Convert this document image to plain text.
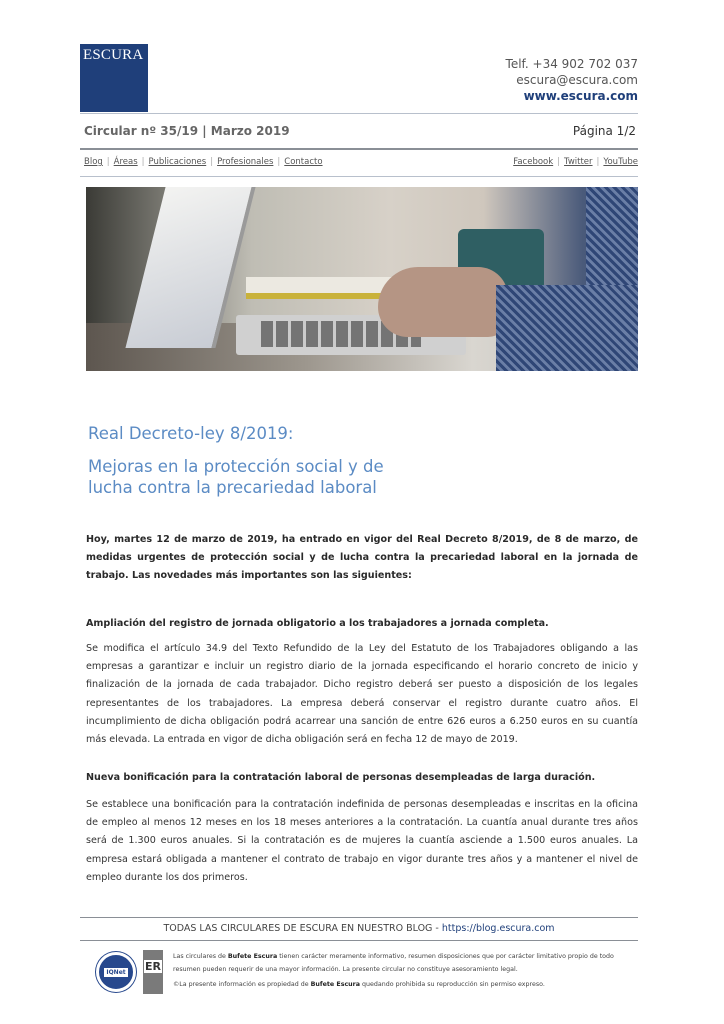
ESCURA
Telf. +34 902 702 037
escura@escura.com
www.escura.com
Circular nº 35/19 | Marzo 2019	Página 1/2
Blog | Áreas | Publicaciones | Profesionales | Contacto	Facebook | Twitter | YouTube
Real Decreto-ley 8/2019:
Mejoras en la protección social y de lucha contra la precariedad laboral
Hoy, martes 12 de marzo de 2019, ha entrado en vigor del Real Decreto 8/2019, de 8 de marzo, de medidas urgentes de protección social y de lucha contra la precariedad laboral en la jornada de trabajo. Las novedades más importantes son las siguientes:
Ampliación del registro de jornada obligatorio a los trabajadores a jornada completa.
Se modifica el artículo 34.9 del Texto Refundido de la Ley del Estatuto de los Trabajadores obligando a las empresas a garantizar e incluir un registro diario de la jornada especificando el horario concreto de inicio y finalización de la jornada de cada trabajador. Dicho registro deberá ser puesto a disposición de los legales representantes de los trabajadores. La empresa deberá conservar el registro durante cuatro años. El incumplimiento de dicha obligación podrá acarrear una sanción de entre 626 euros a 6.250 euros en su cuantía más elevada. La entrada en vigor de dicha obligación será en fecha 12 de mayo de 2019.
Nueva bonificación para la contratación laboral de personas desempleadas de larga duración.
Se establece una bonificación para la contratación indefinida de personas desempleadas e inscritas en la oficina de empleo al menos 12 meses en los 18 meses anteriores a la contratación. La cuantía anual durante tres años será de 1.300 euros anuales. Si la contratación es de mujeres la cuantía asciende a 1.500 euros anuales. La empresa estará obligada a mantener el contrato de trabajo en vigor durante tres años y a mantener el nivel de empleo durante los dos primeros.
TODAS LAS CIRCULARES DE ESCURA EN NUESTRO BLOG - https://blog.escura.com
IQNet ER

Las circulares de Bufete Escura tienen carácter meramente informativo, resumen disposiciones que por carácter limitativo propio de todo resumen pueden requerir de una mayor información. La presente circular no constituye asesoramiento legal.

©La presente información es propiedad de Bufete Escura quedando prohibida su reproducción sin permiso expreso.
